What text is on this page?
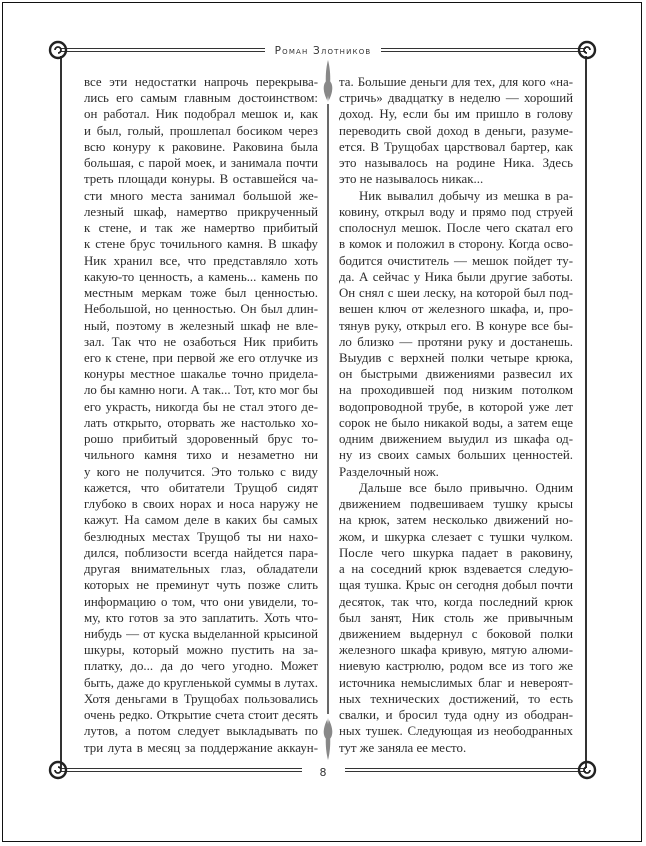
Роман Злотников
все эти недостатки напрочь перекрыва-
лись его самым главным достоинством:
он работал. Ник подобрал мешок и, как
и был, голый, прошлепал босиком через
всю конуру к раковине. Раковина была
большая, с парой моек, и занимала почти
треть площади конуры. В оставшейся ча-
сти много места занимал большой же-
лезный шкаф, намертво прикрученный
к стене, и так же намертво прибитый
к стене брус точильного камня. В шкафу
Ник хранил все, что представляло хоть
какую-то ценность, а камень... камень по
местным меркам тоже был ценностью.
Небольшой, но ценностью. Он был длин-
ный, поэтому в железный шкаф не вле-
зал. Так что не озаботься Ник прибить
его к стене, при первой же его отлучке из
конуры местное шакалье точно придела-
ло бы камню ноги. А так... Тот, кто мог бы
его украсть, никогда бы не стал этого де-
лать открыто, оторвать же настолько хо-
рошо прибитый здоровенный брус то-
чильного камня тихо и незаметно ни
у кого не получится. Это только с виду
кажется, что обитатели Трущоб сидят
глубоко в своих норах и носа наружу не
кажут. На самом деле в каких бы самых
безлюдных местах Трущоб ты ни нахо-
дился, поблизости всегда найдется пара-
другая внимательных глаз, обладатели
которых не преминут чуть позже слить
информацию о том, что они увидели, то-
му, кто готов за это заплатить. Хоть что-
нибудь — от куска выделанной крысиной
шкуры, который можно пустить на за-
платку, до... да до чего угодно. Может
быть, даже до кругленькой суммы в лутах.
Хотя деньгами в Трущобах пользовались
очень редко. Открытие счета стоит десять
лутов, а потом следует выкладывать по
три лута в месяц за поддержание аккаун-
та. Большие деньги для тех, для кого «на-
стричь» двадцатку в неделю — хороший
доход. Ну, если бы им пришло в голову
переводить свой доход в деньги, разуме-
ется. В Трущобах царствовал бартер, как
это называлось на родине Ника. Здесь
это не называлось никак...
Ник вывалил добычу из мешка в ра-
ковину, открыл воду и прямо под струей
сполоснул мешок. После чего скатал его
в комок и положил в сторону. Когда осво-
бодится очиститель — мешок пойдет ту-
да. А сейчас у Ника были другие заботы.
Он снял с шеи леску, на которой был под-
вешен ключ от железного шкафа, и, про-
тянув руку, открыл его. В конуре все бы-
ло близко — протяни руку и достанешь.
Выудив с верхней полки четыре крюка,
он быстрыми движениями развесил их
на проходившей под низким потолком
водопроводной трубе, в которой уже лет
сорок не было никакой воды, а затем еще
одним движением выудил из шкафа од-
ну из своих самых больших ценностей.
Разделочный нож.
Дальше все было привычно. Одним
движением подвешиваем тушку крысы
на крюк, затем несколько движений но-
жом, и шкурка слезает с тушки чулком.
После чего шкурка падает в раковину,
а на соседний крюк вздевается следую-
щая тушка. Крыс он сегодня добыл почти
десяток, так что, когда последний крюк
был занят, Ник столь же привычным
движением выдернул с боковой полки
железного шкафа кривую, мятую алюми-
ниевую кастрюлю, родом все из того же
источника немыслимых благ и невероят-
ных технических достижений, то есть
свалки, и бросил туда одну из ободран-
ных тушек. Следующая из неободранных
тут же заняла ее место.
8
